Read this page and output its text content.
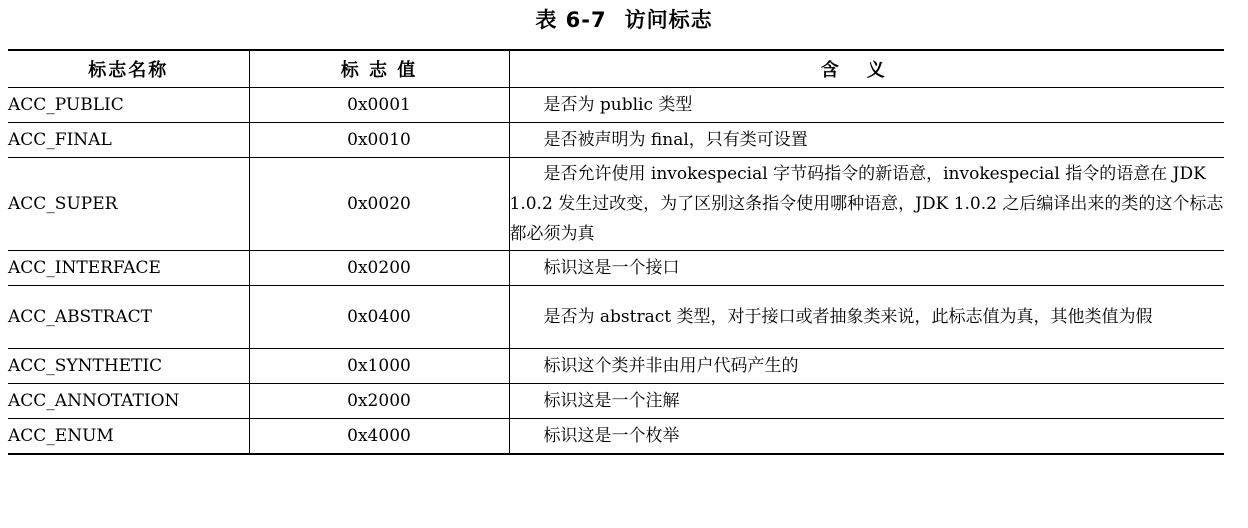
表 6-7 访问标志
标志名称	标 志 值	含义
ACC_PUBLIC	0x0001	是否为 public 类型
ACC_FINAL	0x0010	是否被声明为 final，只有类可设置
ACC_SUPER	0x0020	是否允许使用 invokespecial 字节码指令的新语意，invokespecial 指令的语意在 JDK 1.0.2 发生过改变，为了区别这条指令使用哪种语意，JDK 1.0.2 之后编译出来的类的这个标志都必须为真
ACC_INTERFACE	0x0200	标识这是一个接口
ACC_ABSTRACT	0x0400	是否为 abstract 类型，对于接口或者抽象类来说，此标志值为真，其他类值为假
ACC_SYNTHETIC	0x1000	标识这个类并非由用户代码产生的
ACC_ANNOTATION	0x2000	标识这是一个注解
ACC_ENUM	0x4000	标识这是一个枚举
